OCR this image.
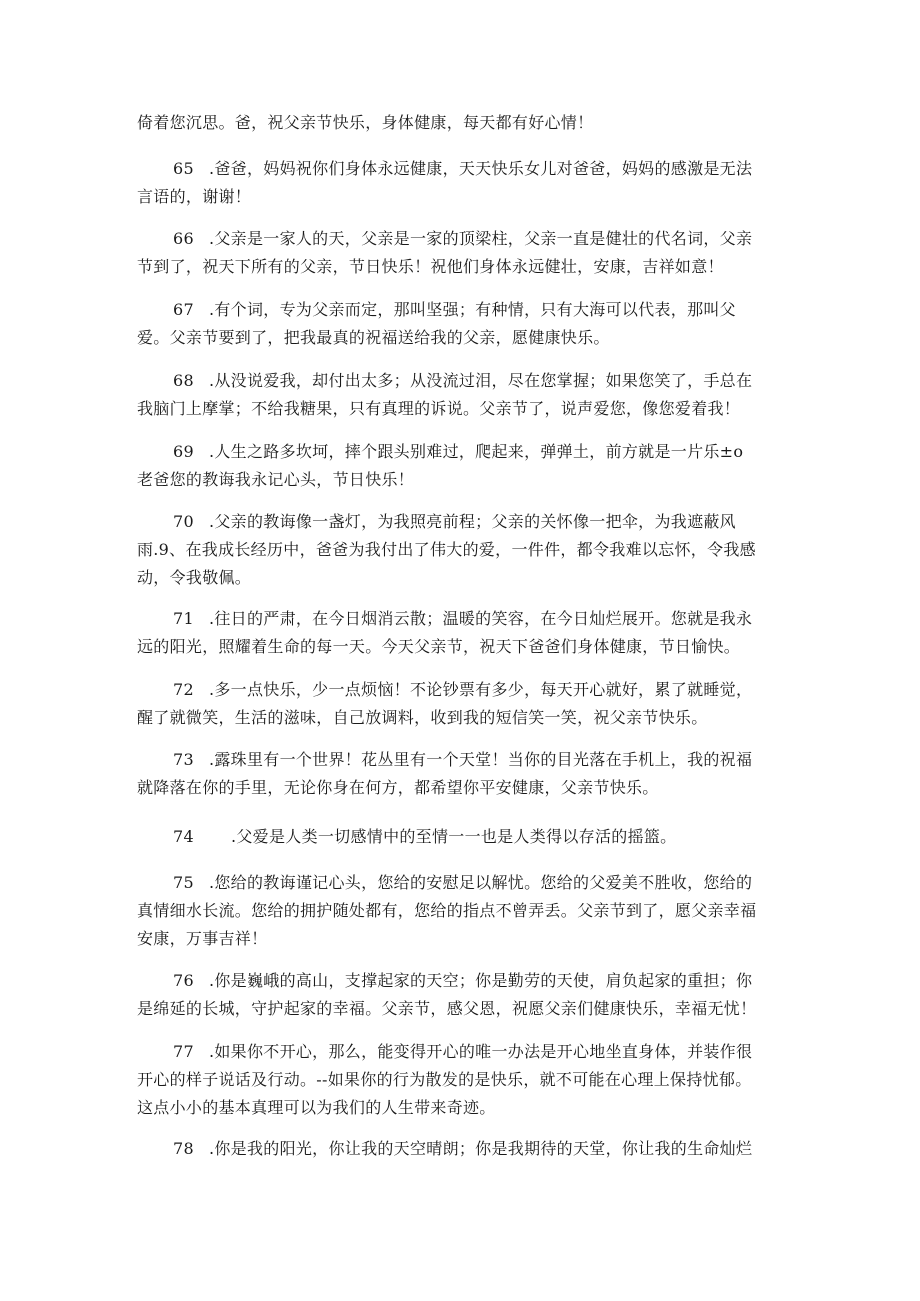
倚着您沉思。爸，祝父亲节快乐，身体健康，每天都有好心情！
65 .爸爸，妈妈祝你们身体永远健康，天天快乐女儿对爸爸，妈妈的感激是无法
言语的，谢谢！
66 .父亲是一家人的天，父亲是一家的顶梁柱，父亲一直是健壮的代名词，父亲
节到了，祝天下所有的父亲，节日快乐！祝他们身体永远健壮，安康，吉祥如意！
67 .有个词，专为父亲而定，那叫坚强；有种情，只有大海可以代表，那叫父
爱。父亲节要到了，把我最真的祝福送给我的父亲，愿健康快乐。
68 .从没说爱我，却付出太多；从没流过泪，尽在您掌握；如果您笑了，手总在
我脑门上摩掌；不给我糖果，只有真理的诉说。父亲节了，说声爱您，像您爱着我！
69 .人生之路多坎坷，摔个跟头别难过，爬起来，弹弹土，前方就是一片乐±o
老爸您的教诲我永记心头，节日快乐！
70 .父亲的教诲像一盏灯，为我照亮前程；父亲的关怀像一把伞，为我遮蔽风
雨.9、在我成长经历中，爸爸为我付出了伟大的爱，一件件，都令我难以忘怀，令我感
动，令我敬佩。
71 .往日的严肃，在今日烟消云散；温暖的笑容，在今日灿烂展开。您就是我永
远的阳光，照耀着生命的每一天。今天父亲节，祝天下爸爸们身体健康，节日愉快。
72 .多一点快乐，少一点烦恼！不论钞票有多少，每天开心就好，累了就睡觉，
醒了就微笑，生活的滋味，自己放调料，收到我的短信笑一笑，祝父亲节快乐。
73 .露珠里有一个世界！花丛里有一个天堂！当你的目光落在手机上，我的祝福
就降落在你的手里，无论你身在何方，都希望你平安健康，父亲节快乐。
74 .父爱是人类一切感情中的至情一一也是人类得以存活的摇篮。
75 .您给的教诲谨记心头，您给的安慰足以解忧。您给的父爱美不胜收，您给的
真情细水长流。您给的拥护随处都有，您给的指点不曾弄丢。父亲节到了，愿父亲幸福
安康，万事吉祥！
76 .你是巍峨的高山，支撑起家的天空；你是勤劳的天使，肩负起家的重担；你
是绵延的长城，守护起家的幸福。父亲节，感父恩，祝愿父亲们健康快乐，幸福无忧！
77 .如果你不开心，那么，能变得开心的唯一办法是开心地坐直身体，并装作很
开心的样子说话及行动。--如果你的行为散发的是快乐，就不可能在心理上保持忧郁。
这点小小的基本真理可以为我们的人生带来奇迹。
78 .你是我的阳光，你让我的天空晴朗；你是我期待的天堂，你让我的生命灿烂
